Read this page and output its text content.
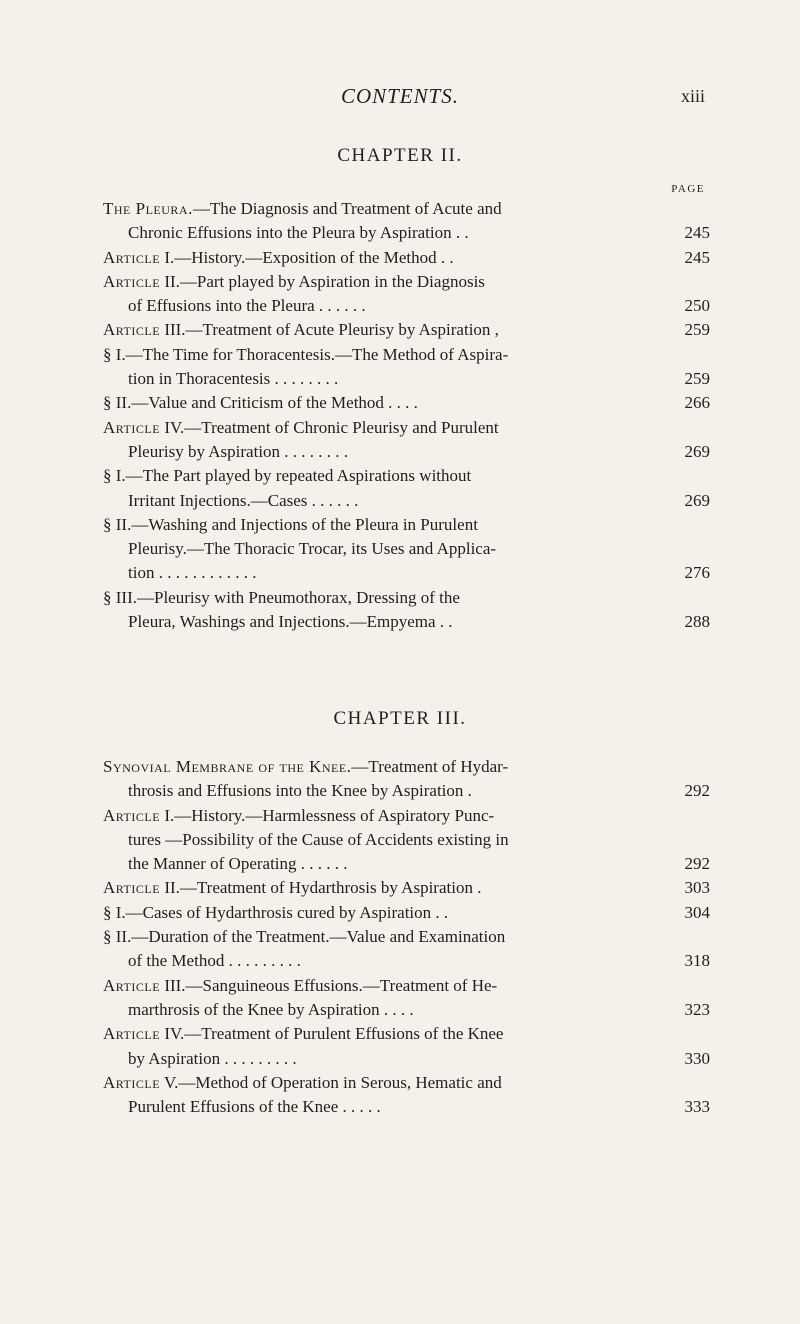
CONTENTS.	xiii
CHAPTER II.
PAGE
The Pleura.—The Diagnosis and Treatment of Acute and
Chronic Effusions into the Pleura by Aspiration . .	245
Article I.—History.—Exposition of the Method . .	245
Article II.—Part played by Aspiration in the Diagnosis
of Effusions into the Pleura . . . . . .	250
Article III.—Treatment of Acute Pleurisy by Aspiration ,	259
§ I.—The Time for Thoracentesis.—The Method of Aspira-
tion in Thoracentesis . . . . . . . .	259
§ II.—Value and Criticism of the Method . . . .	266
Article IV.—Treatment of Chronic Pleurisy and Purulent
Pleurisy by Aspiration . . . . . . . .	269
§ I.—The Part played by repeated Aspirations without
Irritant Injections.—Cases . . . . . .	269
§ II.—Washing and Injections of the Pleura in Purulent
Pleurisy.—The Thoracic Trocar, its Uses and Applica-
tion . . . . . . . . . . . .	276
§ III.—Pleurisy with Pneumothorax, Dressing of the
Pleura, Washings and Injections.—Empyema . .	288
CHAPTER III.
Synovial Membrane of the Knee.—Treatment of Hydar-
throsis and Effusions into the Knee by Aspiration .	292
Article I.—History.—Harmlessness of Aspiratory Punc-
tures —Possibility of the Cause of Accidents existing in
the Manner of Operating . . . . . .	292
Article II.—Treatment of Hydarthrosis by Aspiration .	303
§ I.—Cases of Hydarthrosis cured by Aspiration . .	304
§ II.—Duration of the Treatment.—Value and Examination
of the Method . . . . . . . . .	318
Article III.—Sanguineous Effusions.—Treatment of He-
marthrosis of the Knee by Aspiration . . . .	323
Article IV.—Treatment of Purulent Effusions of the Knee
by Aspiration . . . . . . . . .	330
Article V.—Method of Operation in Serous, Hematic and
Purulent Effusions of the Knee . . . . .	333
